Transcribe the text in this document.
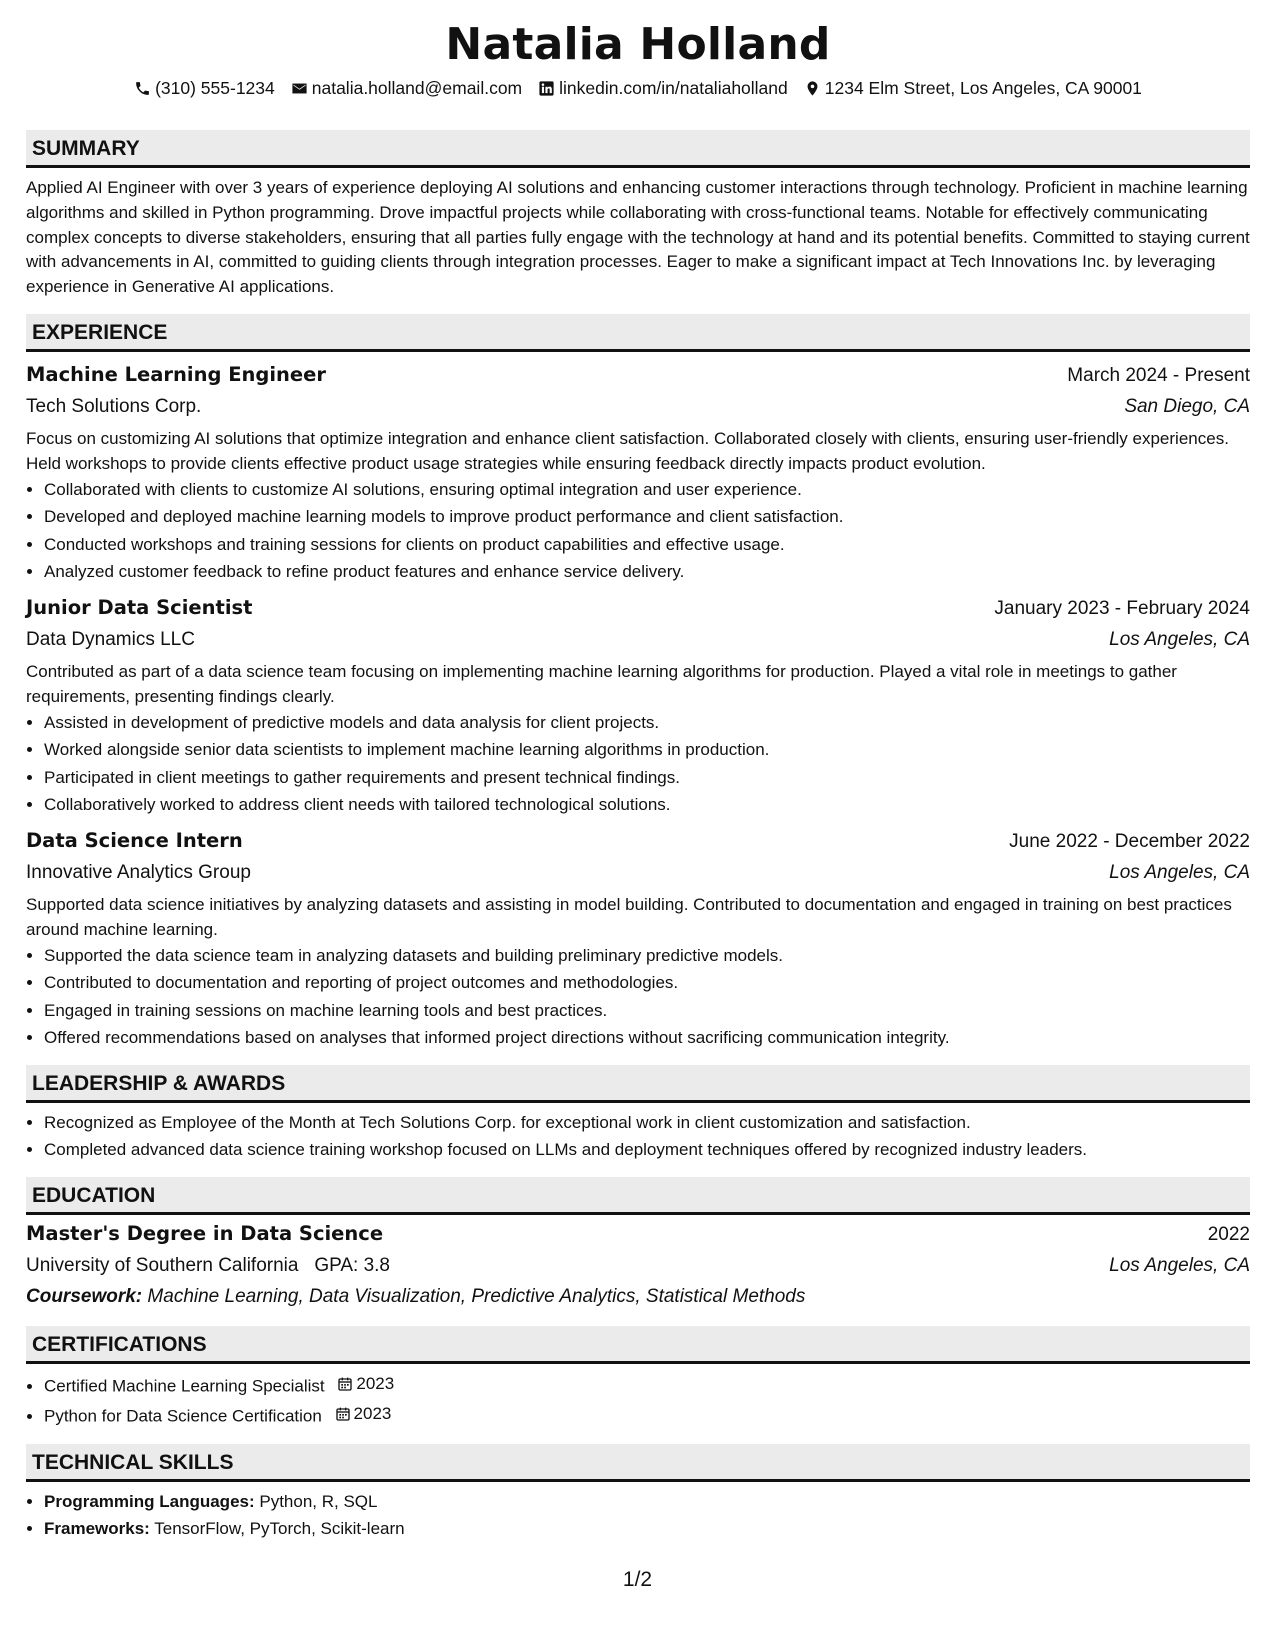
Natalia Holland
(310) 555-1234 natalia.holland@email.com linkedin.com/in/nataliaholland 1234 Elm Street, Los Angeles, CA 90001
SUMMARY
Applied AI Engineer with over 3 years of experience deploying AI solutions and enhancing customer interactions through technology. Proficient in machine learning algorithms and skilled in Python programming. Drove impactful projects while collaborating with cross-functional teams. Notable for effectively communicating complex concepts to diverse stakeholders, ensuring that all parties fully engage with the technology at hand and its potential benefits. Committed to staying current with advancements in AI, committed to guiding clients through integration processes. Eager to make a significant impact at Tech Innovations Inc. by leveraging experience in Generative AI applications.
EXPERIENCE
Machine Learning Engineer	March 2024 - Present
Tech Solutions Corp.	San Diego, CA
Focus on customizing AI solutions that optimize integration and enhance client satisfaction. Collaborated closely with clients, ensuring user-friendly experiences. Held workshops to provide clients effective product usage strategies while ensuring feedback directly impacts product evolution.
• Collaborated with clients to customize AI solutions, ensuring optimal integration and user experience.
• Developed and deployed machine learning models to improve product performance and client satisfaction.
• Conducted workshops and training sessions for clients on product capabilities and effective usage.
• Analyzed customer feedback to refine product features and enhance service delivery.
Junior Data Scientist	January 2023 - February 2024
Data Dynamics LLC	Los Angeles, CA
Contributed as part of a data science team focusing on implementing machine learning algorithms for production. Played a vital role in meetings to gather requirements, presenting findings clearly.
• Assisted in development of predictive models and data analysis for client projects.
• Worked alongside senior data scientists to implement machine learning algorithms in production.
• Participated in client meetings to gather requirements and present technical findings.
• Collaboratively worked to address client needs with tailored technological solutions.
Data Science Intern	June 2022 - December 2022
Innovative Analytics Group	Los Angeles, CA
Supported data science initiatives by analyzing datasets and assisting in model building. Contributed to documentation and engaged in training on best practices around machine learning.
• Supported the data science team in analyzing datasets and building preliminary predictive models.
• Contributed to documentation and reporting of project outcomes and methodologies.
• Engaged in training sessions on machine learning tools and best practices.
• Offered recommendations based on analyses that informed project directions without sacrificing communication integrity.
LEADERSHIP & AWARDS
• Recognized as Employee of the Month at Tech Solutions Corp. for exceptional work in client customization and satisfaction.
• Completed advanced data science training workshop focused on LLMs and deployment techniques offered by recognized industry leaders.
EDUCATION
Master's Degree in Data Science	2022
University of Southern California GPA: 3.8	Los Angeles, CA
Coursework: Machine Learning, Data Visualization, Predictive Analytics, Statistical Methods
CERTIFICATIONS
• Certified Machine Learning Specialist 2023
• Python for Data Science Certification 2023
TECHNICAL SKILLS
• Programming Languages: Python, R, SQL
• Frameworks: TensorFlow, PyTorch, Scikit-learn
1/2
